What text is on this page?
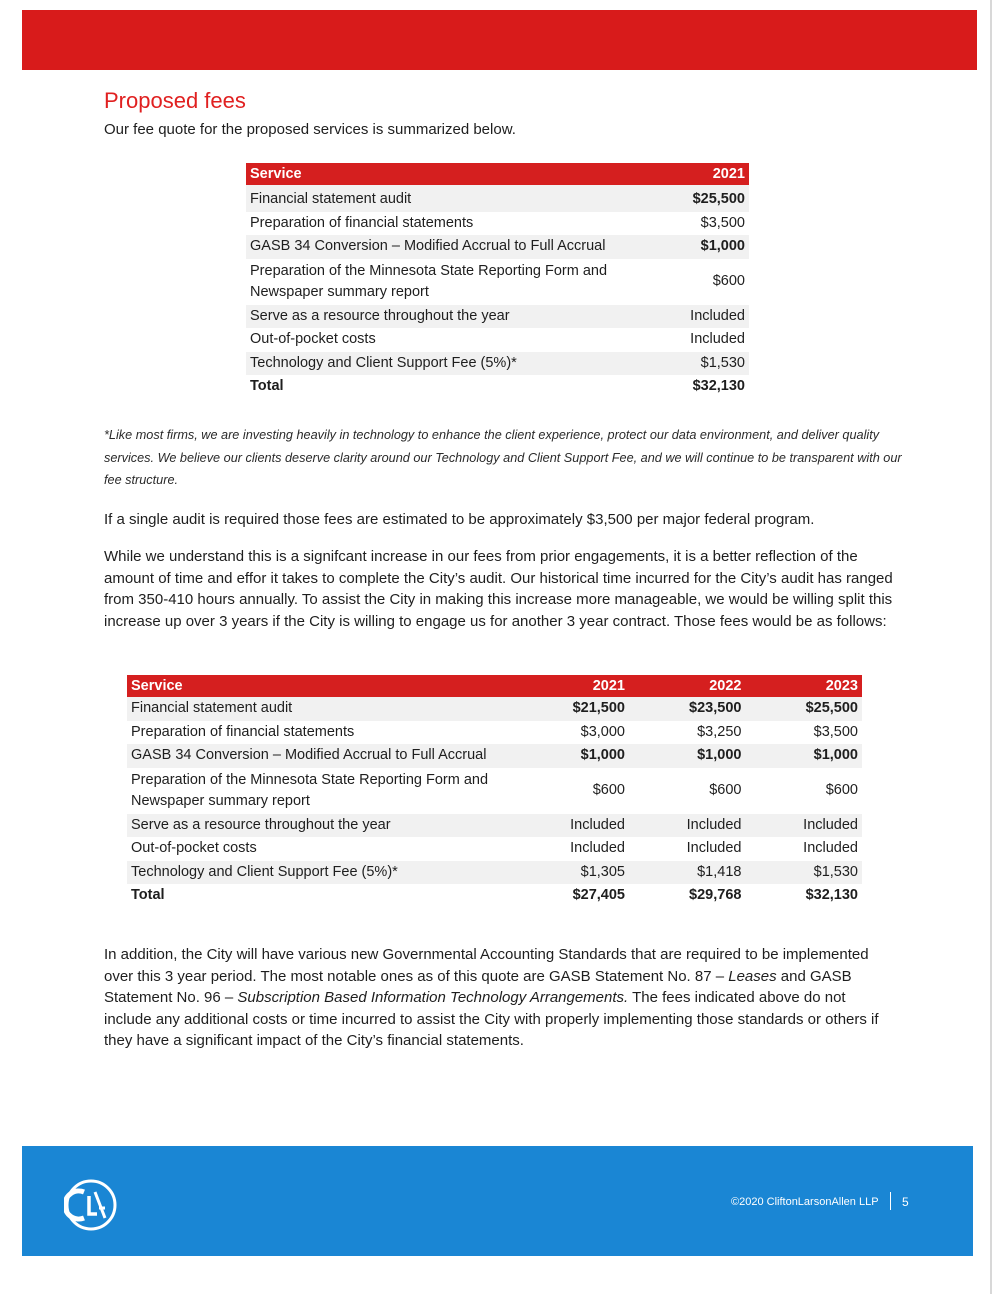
Proposed fees

Our fee quote for the proposed services is summarized below.

Service	2021
Financial statement audit	$25,500
Preparation of financial statements	$3,500
GASB 34 Conversion – Modified Accrual to Full Accrual	$1,000
Preparation of the Minnesota State Reporting Form and Newspaper summary report	$600
Serve as a resource throughout the year	Included
Out-of-pocket costs	Included
Technology and Client Support Fee (5%)*	$1,530
Total	$32,130

*Like most firms, we are investing heavily in technology to enhance the client experience, protect our data environment, and deliver quality services. We believe our clients deserve clarity around our Technology and Client Support Fee, and we will continue to be transparent with our fee structure.

If a single audit is required those fees are estimated to be approximately $3,500 per major federal program.

While we understand this is a signifcant increase in our fees from prior engagements, it is a better reflection of the amount of time and effor it takes to complete the City’s audit. Our historical time incurred for the City’s audit has ranged from 350-410 hours annually. To assist the City in making this increase more manageable, we would be willing split this increase up over 3 years if the City is willing to engage us for another 3 year contract. Those fees would be as follows:

Service	2021	2022	2023
Financial statement audit	$21,500	$23,500	$25,500
Preparation of financial statements	$3,000	$3,250	$3,500
GASB 34 Conversion – Modified Accrual to Full Accrual	$1,000	$1,000	$1,000
Preparation of the Minnesota State Reporting Form and Newspaper summary report	$600	$600	$600
Serve as a resource throughout the year	Included	Included	Included
Out-of-pocket costs	Included	Included	Included
Technology and Client Support Fee (5%)*	$1,305	$1,418	$1,530
Total	$27,405	$29,768	$32,130

In addition, the City will have various new Governmental Accounting Standards that are required to be implemented over this 3 year period. The most notable ones as of this quote are GASB Statement No. 87 – Leases and GASB Statement No. 96 – Subscription Based Information Technology Arrangements. The fees indicated above do not include any additional costs or time incurred to assist the City with properly implementing those standards or others if they have a significant impact of the City’s financial statements.

©2020 CliftonLarsonAllen LLP 5
